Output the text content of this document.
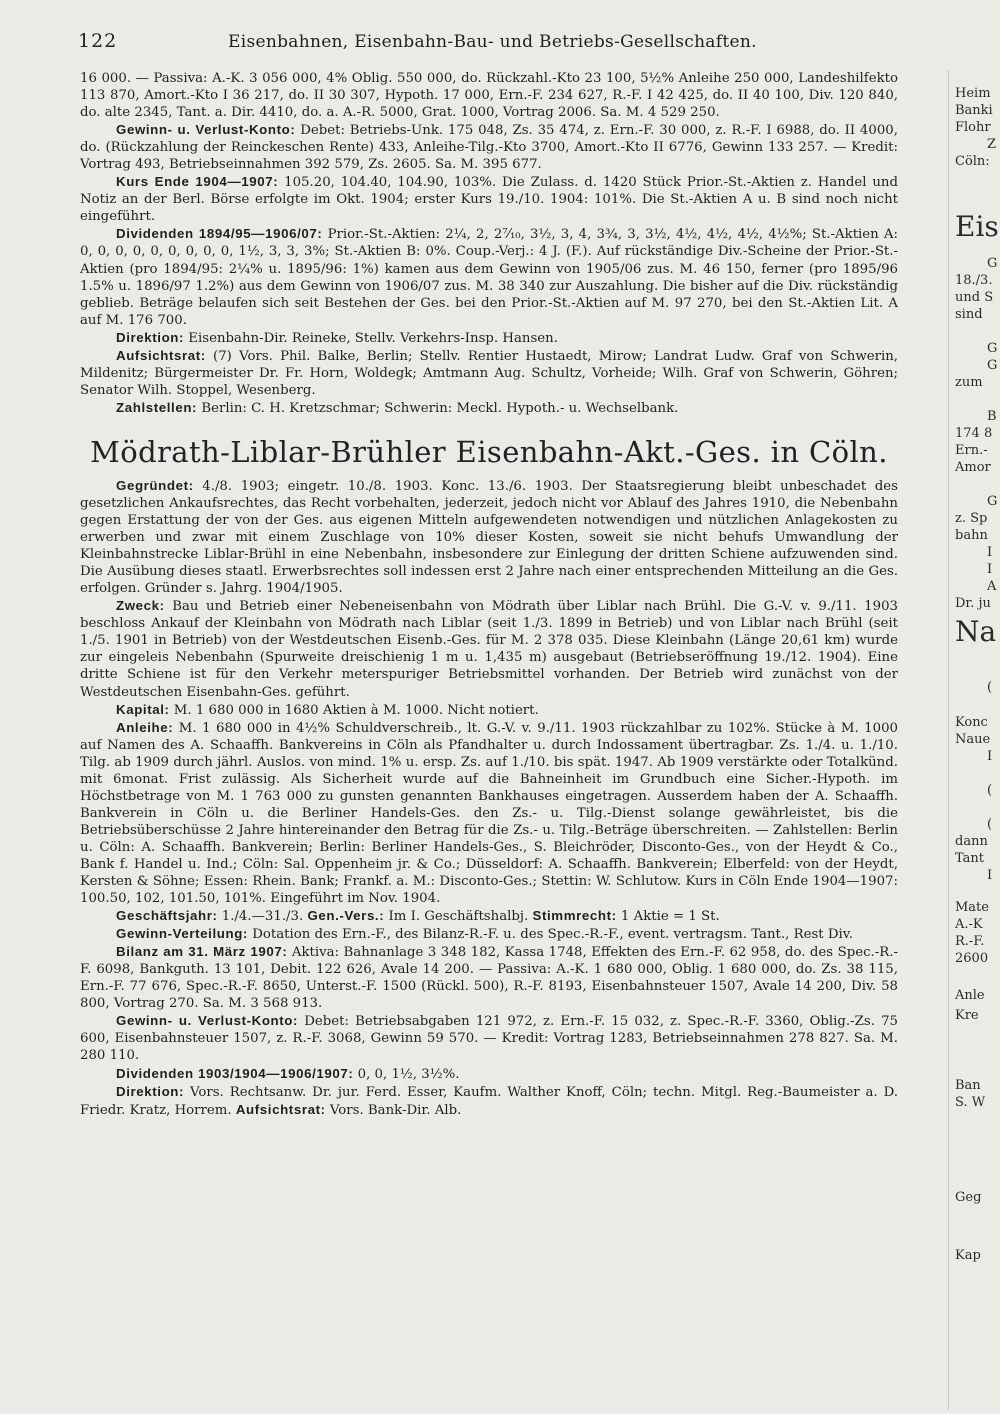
122	Eisenbahnen, Eisenbahn-Bau- und Betriebs-Gesellschaften.

16 000. — Passiva: A.-K. 3 056 000, 4% Oblig. 550 000, do. Rückzahl.-Kto 23 100, 5½% Anleihe 250 000, Landeshilfekto 113 870, Amort.-Kto I 36 217, do. II 30 307, Hypoth. 17 000, Ern.-F. 234 627, R.-F. I 42 425, do. II 40 100, Div. 120 840, do. alte 2345, Tant. a. Dir. 4410, do. a. A.-R. 5000, Grat. 1000, Vortrag 2006. Sa. M. 4 529 250.

Gewinn- u. Verlust-Konto: Debet: Betriebs-Unk. 175 048, Zs. 35 474, z. Ern.-F. 30 000, z. R.-F. I 6988, do. II 4000, do. (Rückzahlung der Reinckeschen Rente) 433, Anleihe-Tilg.-Kto 3700, Amort.-Kto II 6776, Gewinn 133 257. — Kredit: Vortrag 493, Betriebseinnahmen 392 579, Zs. 2605. Sa. M. 395 677.

Kurs Ende 1904—1907: 105.20, 104.40, 104.90, 103%. Die Zulass. d. 1420 Stück Prior.-St.-Aktien z. Handel und Notiz an der Berl. Börse erfolgte im Okt. 1904; erster Kurs 19./10. 1904: 101%. Die St.-Aktien A u. B sind noch nicht eingeführt.

Dividenden 1894/95—1906/07: Prior.-St.-Aktien: 2¼, 2, 2⁷⁄₁₀, 3½, 3, 4, 3¾, 3, 3½, 4½, 4½, 4½, 4½%; St.-Aktien A: 0, 0, 0, 0, 0, 0, 0, 0, 0, 1½, 3, 3, 3%; St.-Aktien B: 0%. Coup.-Verj.: 4 J. (F.). Auf rückständige Div.-Scheine der Prior.-St.-Aktien (pro 1894/95: 2¼% u. 1895/96: 1%) kamen aus dem Gewinn von 1905/06 zus. M. 46 150, ferner (pro 1895/96 1.5% u. 1896/97 1.2%) aus dem Gewinn von 1906/07 zus. M. 38 340 zur Auszahlung. Die bisher auf die Div. rückständig geblieb. Beträge belaufen sich seit Bestehen der Ges. bei den Prior.-St.-Aktien auf M. 97 270, bei den St.-Aktien Lit. A auf M. 176 700.

Direktion: Eisenbahn-Dir. Reineke, Stellv. Verkehrs-Insp. Hansen.

Aufsichtsrat: (7) Vors. Phil. Balke, Berlin; Stellv. Rentier Hustaedt, Mirow; Landrat Ludw. Graf von Schwerin, Mildenitz; Bürgermeister Dr. Fr. Horn, Woldegk; Amtmann Aug. Schultz, Vorheide; Wilh. Graf von Schwerin, Göhren; Senator Wilh. Stoppel, Wesenberg.

Zahlstellen: Berlin: C. H. Kretzschmar; Schwerin: Meckl. Hypoth.- u. Wechselbank.

Mödrath-Liblar-Brühler Eisenbahn-Akt.-Ges. in Cöln.

Gegründet: 4./8. 1903; eingetr. 10./8. 1903. Konc. 13./6. 1903. Der Staatsregierung bleibt unbeschadet des gesetzlichen Ankaufsrechtes, das Recht vorbehalten, jederzeit, jedoch nicht vor Ablauf des Jahres 1910, die Nebenbahn gegen Erstattung der von der Ges. aus eigenen Mitteln aufgewendeten notwendigen und nützlichen Anlagekosten zu erwerben und zwar mit einem Zuschlage von 10% dieser Kosten, soweit sie nicht behufs Umwandlung der Kleinbahnstrecke Liblar-Brühl in eine Nebenbahn, insbesondere zur Einlegung der dritten Schiene aufzuwenden sind. Die Ausübung dieses staatl. Erwerbsrechtes soll indessen erst 2 Jahre nach einer entsprechenden Mitteilung an die Ges. erfolgen. Gründer s. Jahrg. 1904/1905.

Zweck: Bau und Betrieb einer Nebeneisenbahn von Mödrath über Liblar nach Brühl. Die G.-V. v. 9./11. 1903 beschloss Ankauf der Kleinbahn von Mödrath nach Liblar (seit 1./3. 1899 in Betrieb) und von Liblar nach Brühl (seit 1./5. 1901 in Betrieb) von der Westdeutschen Eisenb.-Ges. für M. 2 378 035. Diese Kleinbahn (Länge 20,61 km) wurde zur eingeleis Nebenbahn (Spurweite dreischienig 1 m u. 1,435 m) ausgebaut (Betriebseröffnung 19./12. 1904). Eine dritte Schiene ist für den Verkehr meterspuriger Betriebsmittel vorhanden. Der Betrieb wird zunächst von der Westdeutschen Eisenbahn-Ges. geführt.

Kapital: M. 1 680 000 in 1680 Aktien à M. 1000. Nicht notiert.

Anleihe: M. 1 680 000 in 4½% Schuldverschreib., lt. G.-V. v. 9./11. 1903 rückzahlbar zu 102%. Stücke à M. 1000 auf Namen des A. Schaaffh. Bankvereins in Cöln als Pfandhalter u. durch Indossament übertragbar. Zs. 1./4. u. 1./10. Tilg. ab 1909 durch jährl. Auslos. von mind. 1% u. ersp. Zs. auf 1./10. bis spät. 1947. Ab 1909 verstärkte oder Totalkünd. mit 6monat. Frist zulässig. Als Sicherheit wurde auf die Bahneinheit im Grundbuch eine Sicher.-Hypoth. im Höchstbetrage von M. 1 763 000 zu gunsten genannten Bankhauses eingetragen. Ausserdem haben der A. Schaaffh. Bankverein in Cöln u. die Berliner Handels-Ges. den Zs.- u. Tilg.-Dienst solange gewährleistet, bis die Betriebsüberschüsse 2 Jahre hintereinander den Betrag für die Zs.- u. Tilg.-Beträge überschreiten. — Zahlstellen: Berlin u. Cöln: A. Schaaffh. Bankverein; Berlin: Berliner Handels-Ges., S. Bleichröder, Disconto-Ges., von der Heydt & Co., Bank f. Handel u. Ind.; Cöln: Sal. Oppenheim jr. & Co.; Düsseldorf: A. Schaaffh. Bankverein; Elberfeld: von der Heydt, Kersten & Söhne; Essen: Rhein. Bank; Frankf. a. M.: Disconto-Ges.; Stettin: W. Schlutow. Kurs in Cöln Ende 1904—1907: 100.50, 102, 101.50, 101%. Eingeführt im Nov. 1904.

Geschäftsjahr: 1./4.—31./3. Gen.-Vers.: Im I. Geschäftshalbj. Stimmrecht: 1 Aktie = 1 St.

Gewinn-Verteilung: Dotation des Ern.-F., des Bilanz-R.-F. u. des Spec.-R.-F., event. vertragsm. Tant., Rest Div.

Bilanz am 31. März 1907: Aktiva: Bahnanlage 3 348 182, Kassa 1748, Effekten des Ern.-F. 62 958, do. des Spec.-R.-F. 6098, Bankguth. 13 101, Debit. 122 626, Avale 14 200. — Passiva: A.-K. 1 680 000, Oblig. 1 680 000, do. Zs. 38 115, Ern.-F. 77 676, Spec.-R.-F. 8650, Unterst.-F. 1500 (Rückl. 500), R.-F. 8193, Eisenbahnsteuer 1507, Avale 14 200, Div. 58 800, Vortrag 270. Sa. M. 3 568 913.

Gewinn- u. Verlust-Konto: Debet: Betriebsabgaben 121 972, z. Ern.-F. 15 032, z. Spec.-R.-F. 3360, Oblig.-Zs. 75 600, Eisenbahnsteuer 1507, z. R.-F. 3068, Gewinn 59 570. — Kredit: Vortrag 1283, Betriebseinnahmen 278 827. Sa. M. 280 110.

Dividenden 1903/1904—1906/1907: 0, 0, 1½, 3½%.

Direktion: Vors. Rechtsanw. Dr. jur. Ferd. Esser, Kaufm. Walther Knoff, Cöln; techn. Mitgl. Reg.-Baumeister a. D. Friedr. Kratz, Horrem. Aufsichtsrat: Vors. Bank-Dir. Alb.

Heim
Banki
Flohr
Z
Cöln:
Eis
G
18./3.
und S
sind
G
G
zum
B
174 8
Ern.-
Amor
G
z. Sp
bahn
I
I
A
Dr. ju
Na
(
Konc
Naue
I
(
(
dann
Tant
I
Mate
A.-K
R.-F.
2600
Anle
Kre
Ban
S. W
Geg
Kap
